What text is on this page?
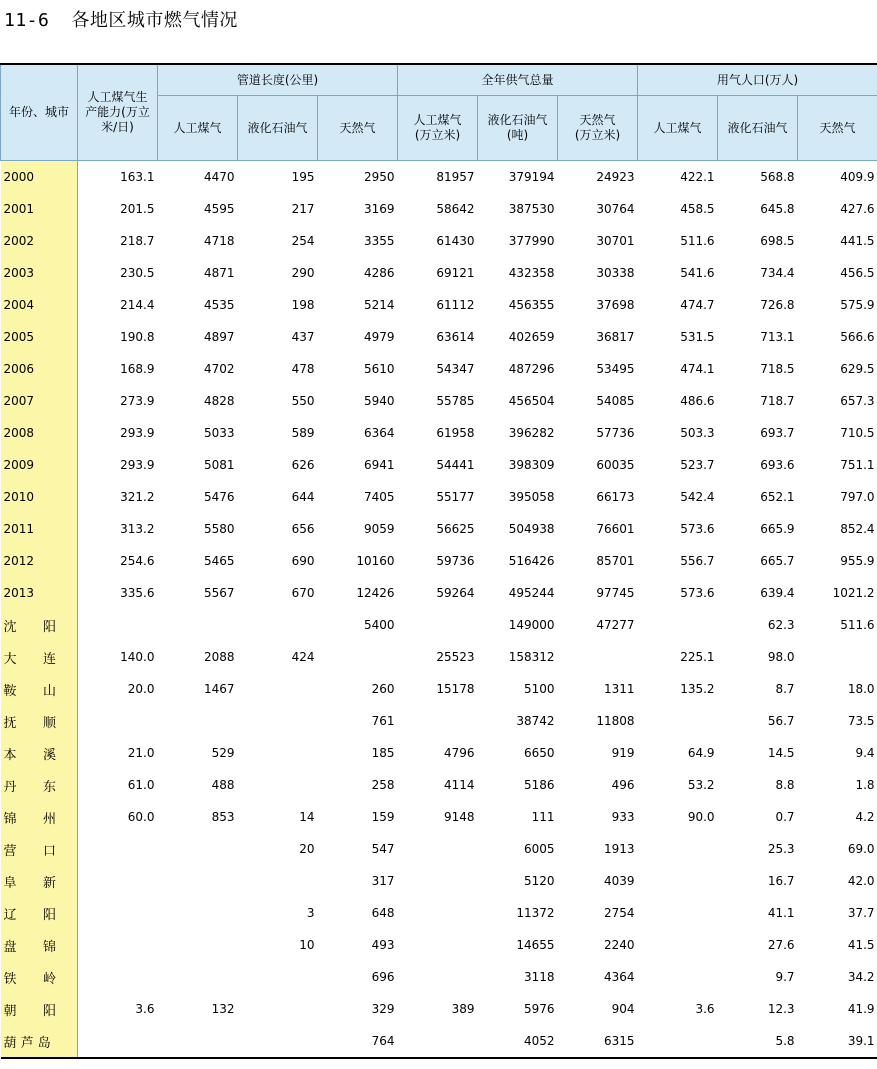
11-6 各地区城市燃气情况
年份、城市	人工煤气生产能力(万立米/日)	管道长度(公里)			全年供气总量			用气人口(万人)		
		人工煤气	液化石油气	天然气	人工煤气(万立米)	液化石油气(吨)	天然气(万立米)	人工煤气	液化石油气	天然气
2000	163.1	4470	195	2950	81957	379194	24923	422.1	568.8	409.9
2001	201.5	4595	217	3169	58642	387530	30764	458.5	645.8	427.6
2002	218.7	4718	254	3355	61430	377990	30701	511.6	698.5	441.5
2003	230.5	4871	290	4286	69121	432358	30338	541.6	734.4	456.5
2004	214.4	4535	198	5214	61112	456355	37698	474.7	726.8	575.9
2005	190.8	4897	437	4979	63614	402659	36817	531.5	713.1	566.6
2006	168.9	4702	478	5610	54347	487296	53495	474.1	718.5	629.5
2007	273.9	4828	550	5940	55785	456504	54085	486.6	718.7	657.3
2008	293.9	5033	589	6364	61958	396282	57736	503.3	693.7	710.5
2009	293.9	5081	626	6941	54441	398309	60035	523.7	693.6	751.1
2010	321.2	5476	644	7405	55177	395058	66173	542.4	652.1	797.0
2011	313.2	5580	656	9059	56625	504938	76601	573.6	665.9	852.4
2012	254.6	5465	690	10160	59736	516426	85701	556.7	665.7	955.9
2013	335.6	5567	670	12426	59264	495244	97745	573.6	639.4	1021.2

沈 阳				5400		149000	47277		62.3	511.6

大 连	140.0	2088	424		25523	158312		225.1	98.0	

鞍 山	20.0	1467		260	15178	5100	1311	135.2	8.7	18.0

抚 顺				761		38742	11808		56.7	73.5

本 溪	21.0	529		185	4796	6650	919	64.9	14.5	9.4

丹 东	61.0	488		258	4114	5186	496	53.2	8.8	1.8

锦 州	60.0	853	14	159	9148	111	933	90.0	0.7	4.2

营 口			20	547		6005	1913		25.3	69.0

阜 新				317		5120	4039		16.7	42.0

辽 阳			3	648		11372	2754		41.1	37.7

盘 锦			10	493		14655	2240		27.6	41.5

铁 岭				696		3118	4364		9.7	34.2

朝 阳	3.6	132		329	389	5976	904	3.6	12.3	41.9

葫 芦 岛				764		4052	6315		5.8	39.1
